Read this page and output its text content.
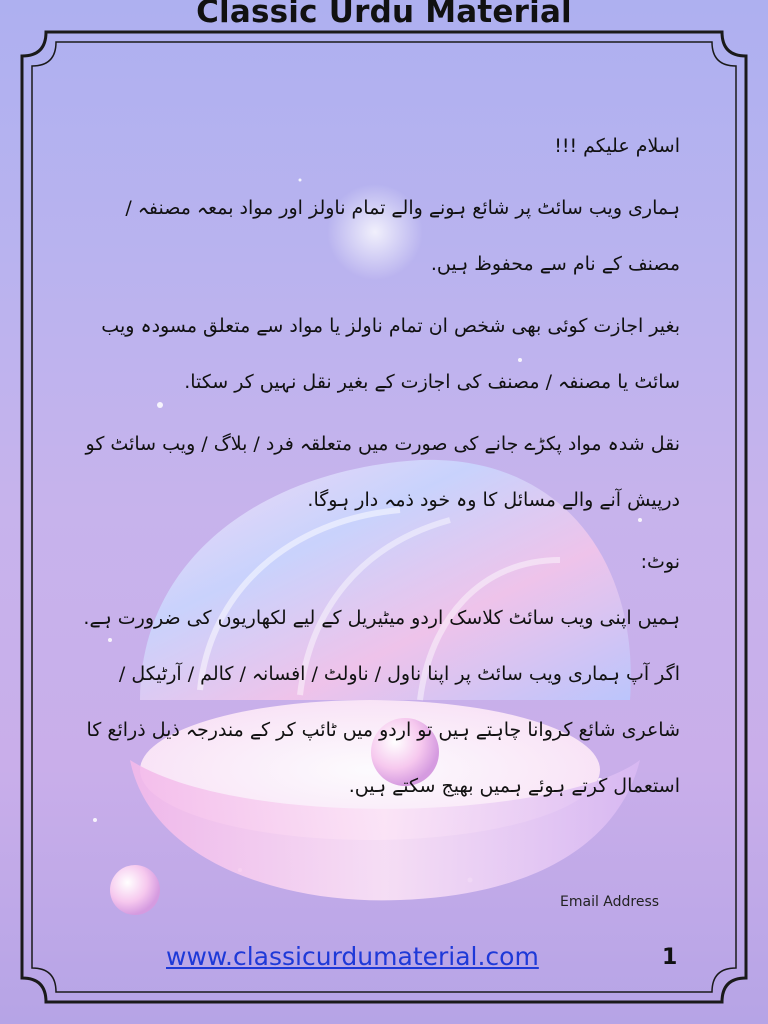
Classic Urdu Material

اسلام علیکم !!!

ہماری ویب سائٹ پر شائع ہونے والے تمام ناولز اور مواد بمعہ مصنفہ / مصنف کے نام سے محفوظ ہیں.

بغیر اجازت کوئی بھی شخص ان تمام ناولز یا مواد سے متعلق مسودہ ویب سائٹ یا مصنفہ / مصنف کی اجازت کے بغیر نقل نہیں کر سکتا.

نقل شدہ مواد پکڑے جانے کی صورت میں متعلقہ فرد / بلاگ / ویب سائٹ کو درپیش آنے والے مسائل کا وہ خود ذمہ دار ہوگا.

نوٹ:

ہمیں اپنی ویب سائٹ کلاسک اردو میٹیریل کے لیے لکھاریوں کی ضرورت ہے. اگر آپ ہماری ویب سائٹ پر اپنا ناول / ناولٹ / افسانہ / کالم / آرٹیکل / شاعری شائع کروانا چاہتے ہیں تو اردو میں ٹائپ کر کے مندرجہ ذیل ذرائع کا استعمال کرتے ہوئے ہمیں بھیج سکتے ہیں.

Email Address
www.classicurdumaterial.com	1
